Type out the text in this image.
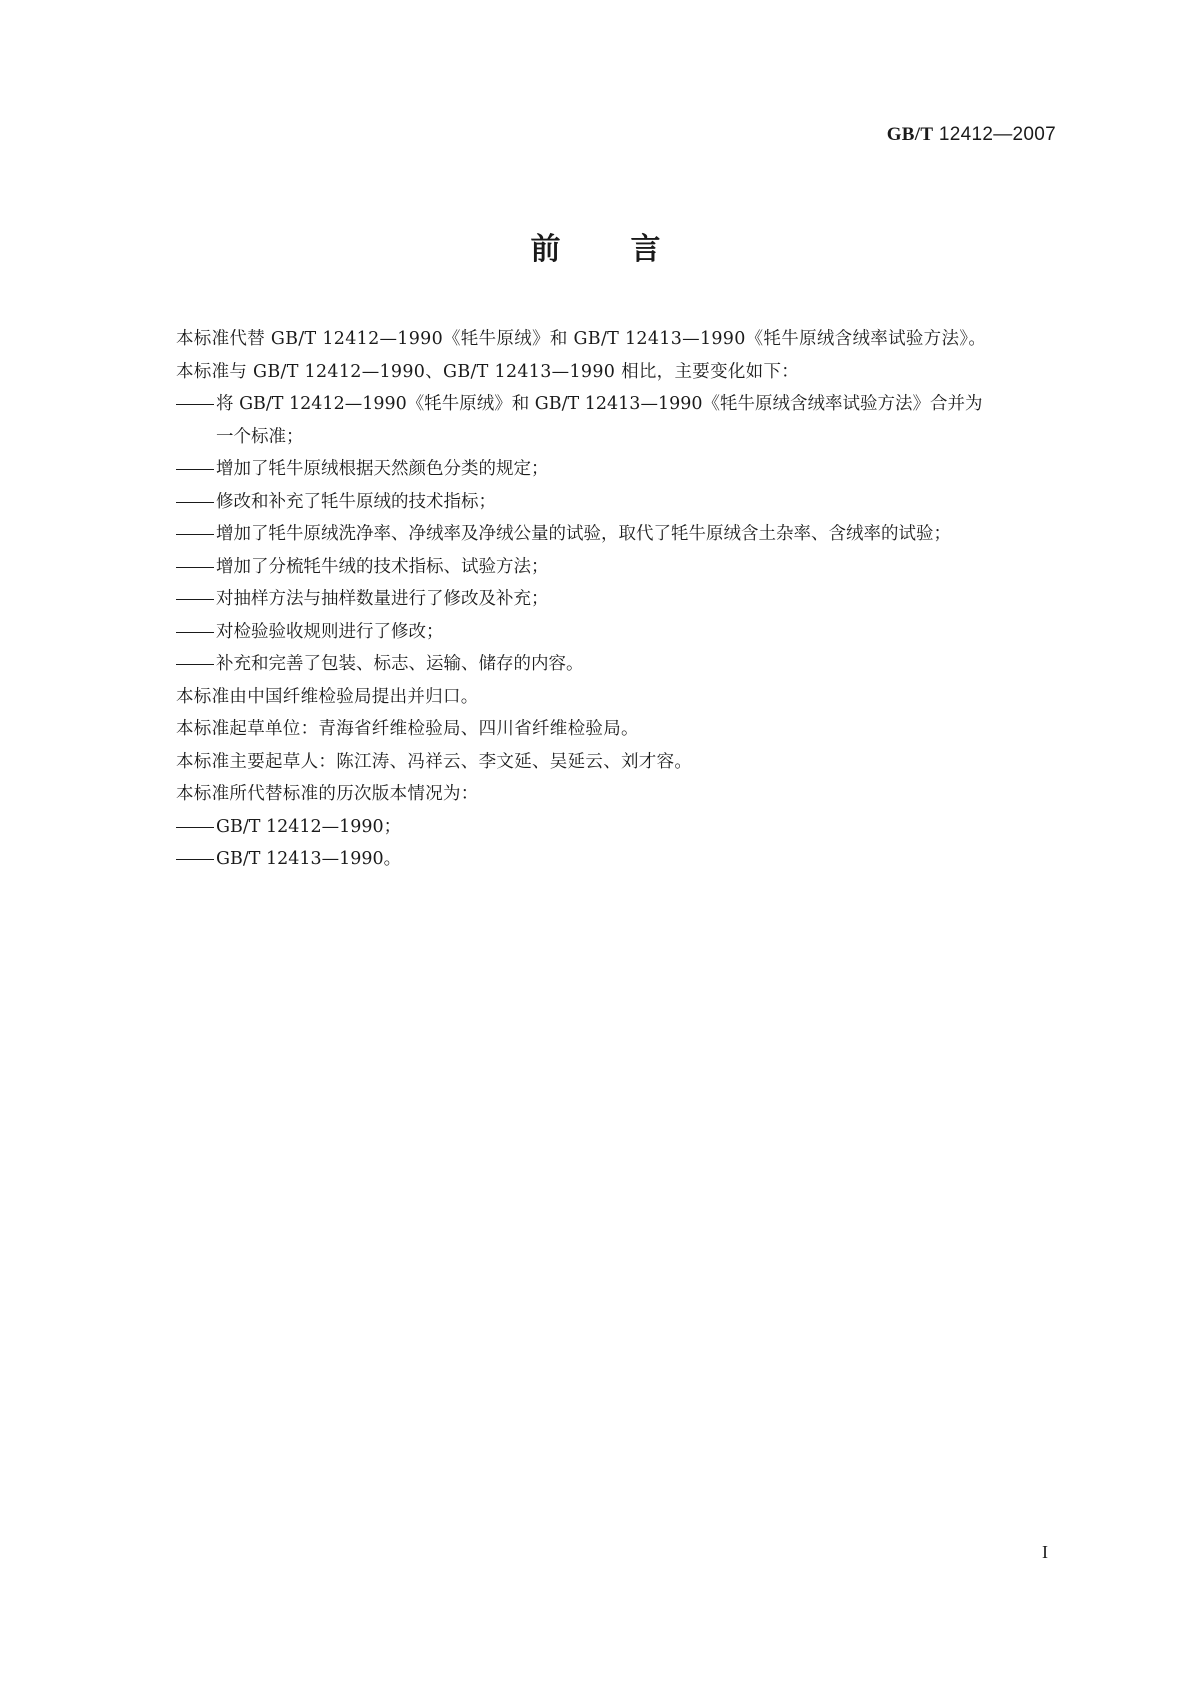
GB/T 12412—2007
前言
本标准代替 GB/T 12412—1990《牦牛原绒》和 GB/T 12413—1990《牦牛原绒含绒率试验方法》。
本标准与 GB/T 12412—1990、GB/T 12413—1990 相比，主要变化如下：
将 GB/T 12412—1990《牦牛原绒》和 GB/T 12413—1990《牦牛原绒含绒率试验方法》合并为
一个标准；
增加了牦牛原绒根据天然颜色分类的规定；
修改和补充了牦牛原绒的技术指标；
增加了牦牛原绒洗净率、净绒率及净绒公量的试验，取代了牦牛原绒含土杂率、含绒率的试验；
增加了分梳牦牛绒的技术指标、试验方法；
对抽样方法与抽样数量进行了修改及补充；
对检验验收规则进行了修改；
补充和完善了包装、标志、运输、储存的内容。
本标准由中国纤维检验局提出并归口。
本标准起草单位：青海省纤维检验局、四川省纤维检验局。
本标准主要起草人：陈江涛、冯祥云、李文延、吴延云、刘才容。
本标准所代替标准的历次版本情况为：
GB/T 12412—1990；
GB/T 12413—1990。
I
